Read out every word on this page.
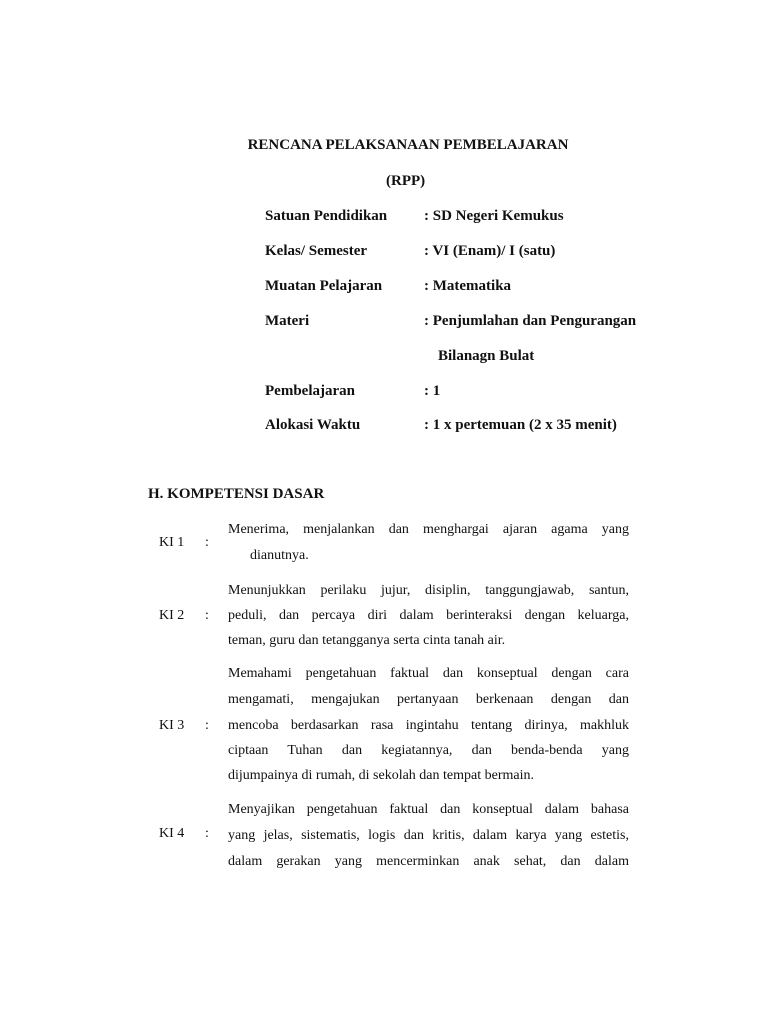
RENCANA PELAKSANAAN PEMBELAJARAN
(RPP)
Satuan Pendidikan : SD Negeri Kemukus
Kelas/ Semester	: VI (Enam)/ I (satu)
Muatan Pelajaran	: Matematika
Materi	: Penjumlahan dan Pengurangan
Bilanagn Bulat
Pembelajaran	: 1
Alokasi Waktu	: 1 x pertemuan (2 x 35 menit)
H. KOMPETENSI DASAR
KI 1 :
Menerima, menjalankan dan menghargai ajaran agama yang
dianutnya.
KI 2 :
Menunjukkan perilaku jujur, disiplin, tanggungjawab, santun,
peduli, dan percaya diri dalam berinteraksi dengan keluarga,
teman, guru dan tetangganya serta cinta tanah air.
KI 3 :
Memahami pengetahuan faktual dan konseptual dengan cara
mengamati, mengajukan pertanyaan berkenaan dengan dan
mencoba berdasarkan rasa ingintahu tentang dirinya, makhluk
ciptaan Tuhan dan kegiatannya, dan benda-benda yang
dijumpainya di rumah, di sekolah dan tempat bermain.
KI 4 :
Menyajikan pengetahuan faktual dan konseptual dalam bahasa
yang jelas, sistematis, logis dan kritis, dalam karya yang estetis,
dalam gerakan yang mencerminkan anak sehat, dan dalam
